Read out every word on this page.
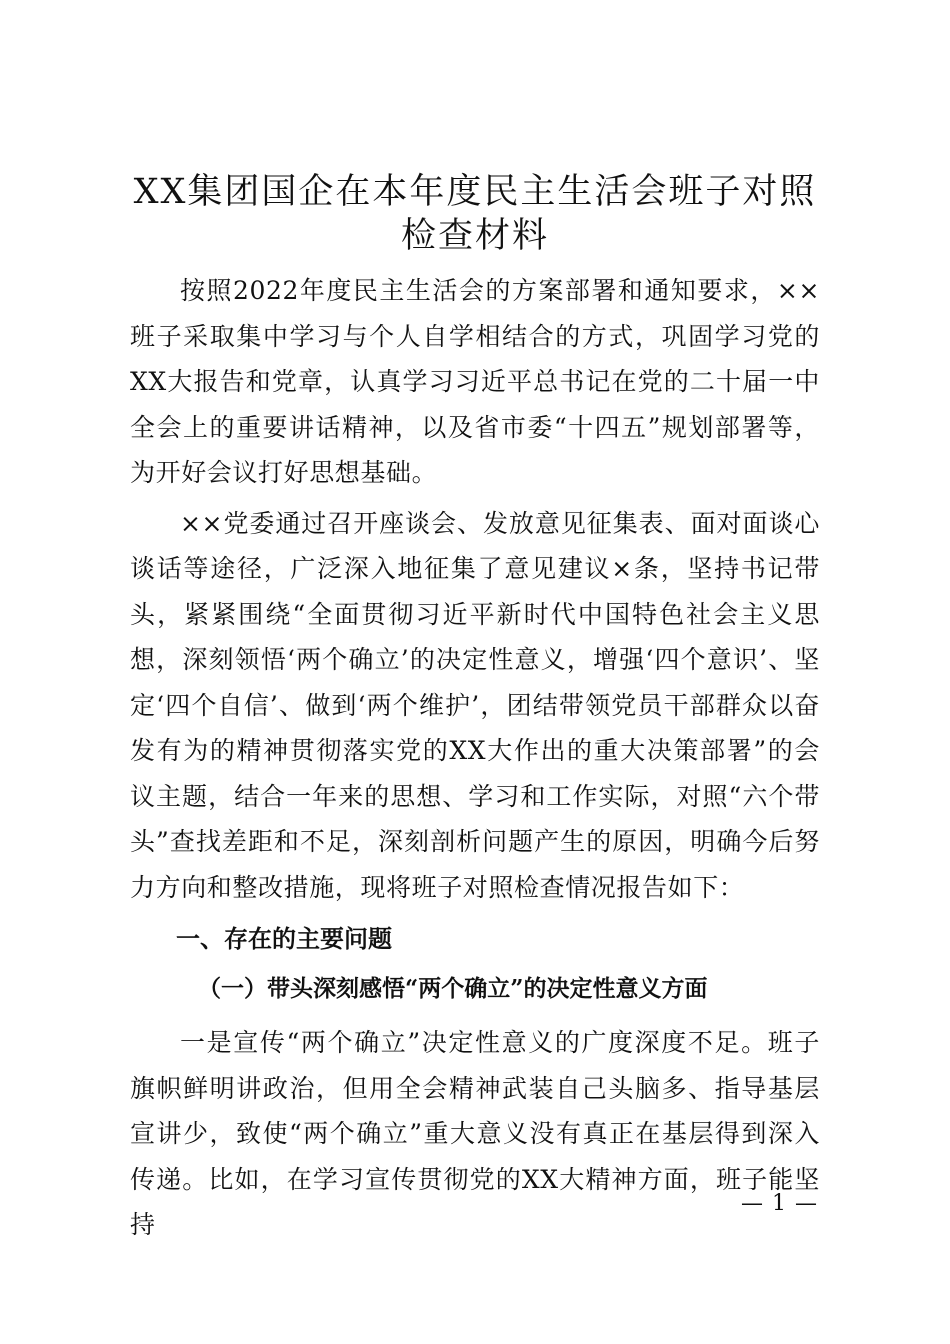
XX集团国企在本年度民主生活会班子对照检查材料

按照2022年度民主生活会的方案部署和通知要求，××班子采取集中学习与个人自学相结合的方式，巩固学习党的XX大报告和党章，认真学习习近平总书记在党的二十届一中全会上的重要讲话精神，以及省市委“十四五”规划部署等，为开好会议打好思想基础。

××党委通过召开座谈会、发放意见征集表、面对面谈心谈话等途径，广泛深入地征集了意见建议×条，坚持书记带头，紧紧围绕“全面贯彻习近平新时代中国特色社会主义思想，深刻领悟‘两个确立’的决定性意义，增强‘四个意识’、坚定‘四个自信’、做到‘两个维护’，团结带领党员干部群众以奋发有为的精神贯彻落实党的XX大作出的重大决策部署”的会议主题，结合一年来的思想、学习和工作实际，对照“六个带头”查找差距和不足，深刻剖析问题产生的原因，明确今后努力方向和整改措施，现将班子对照检查情况报告如下：

一、存在的主要问题
（一）带头深刻感悟“两个确立”的决定性意义方面

一是宣传“两个确立”决定性意义的广度深度不足。班子旗帜鲜明讲政治，但用全会精神武装自己头脑多、指导基层宣讲少，致使“两个确立”重大意义没有真正在基层得到深入传递。比如，在学习宣传贯彻党的XX大精神方面，班子能坚持

— 1 —
